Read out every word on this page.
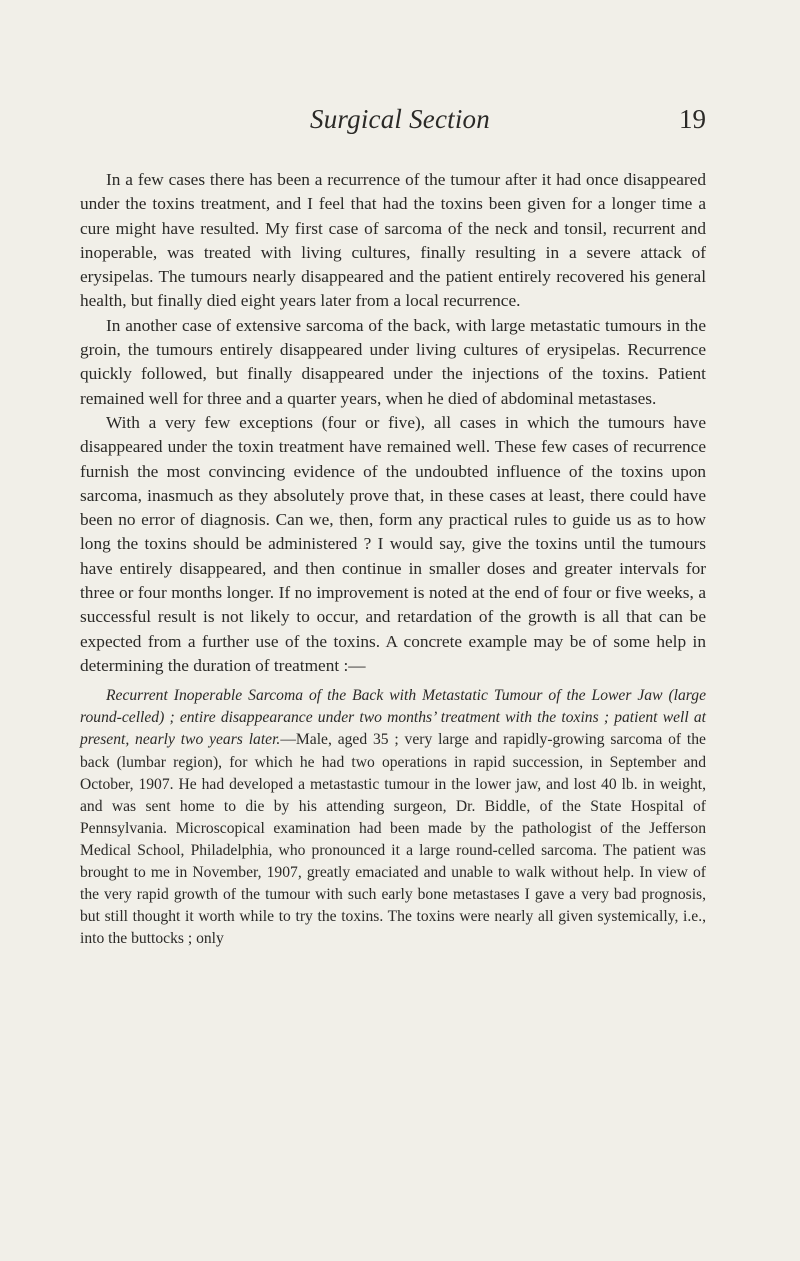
Surgical Section	19

In a few cases there has been a recurrence of the tumour after it had once disappeared under the toxins treatment, and I feel that had the toxins been given for a longer time a cure might have resulted. My first case of sarcoma of the neck and tonsil, recurrent and inoperable, was treated with living cultures, finally resulting in a severe attack of erysipelas. The tumours nearly disappeared and the patient entirely recovered his general health, but finally died eight years later from a local recurrence.

In another case of extensive sarcoma of the back, with large metastatic tumours in the groin, the tumours entirely disappeared under living cultures of erysipelas. Recurrence quickly followed, but finally disappeared under the injections of the toxins. Patient remained well for three and a quarter years, when he died of abdominal metastases.

With a very few exceptions (four or five), all cases in which the tumours have disappeared under the toxin treatment have remained well. These few cases of recurrence furnish the most convincing evidence of the undoubted influence of the toxins upon sarcoma, inasmuch as they absolutely prove that, in these cases at least, there could have been no error of diagnosis. Can we, then, form any practical rules to guide us as to how long the toxins should be administered ? I would say, give the toxins until the tumours have entirely disappeared, and then continue in smaller doses and greater intervals for three or four months longer. If no improvement is noted at the end of four or five weeks, a successful result is not likely to occur, and retardation of the growth is all that can be expected from a further use of the toxins. A concrete example may be of some help in determining the duration of treatment :—

Recurrent Inoperable Sarcoma of the Back with Metastatic Tumour of the Lower Jaw (large round-celled) ; entire disappearance under two months’ treatment with the toxins ; patient well at present, nearly two years later.—Male, aged 35 ; very large and rapidly-growing sarcoma of the back (lumbar region), for which he had two operations in rapid succession, in September and October, 1907. He had developed a metastastic tumour in the lower jaw, and lost 40 lb. in weight, and was sent home to die by his attending surgeon, Dr. Biddle, of the State Hospital of Pennsylvania. Microscopical examination had been made by the pathologist of the Jefferson Medical School, Philadelphia, who pronounced it a large round-celled sarcoma. The patient was brought to me in November, 1907, greatly emaciated and unable to walk without help. In view of the very rapid growth of the tumour with such early bone metastases I gave a very bad prognosis, but still thought it worth while to try the toxins. The toxins were nearly all given systemically, i.e., into the buttocks ; only
